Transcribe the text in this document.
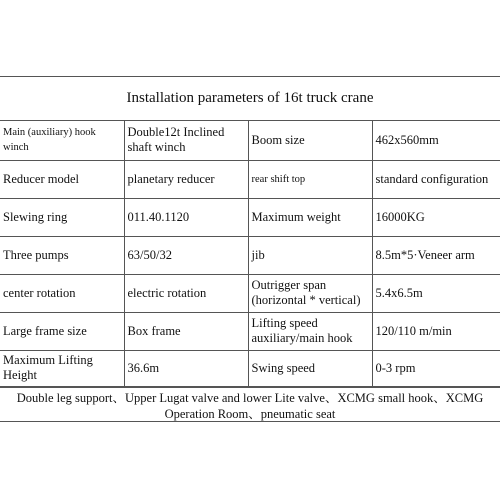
Installation parameters of 16t truck crane
Main (auxiliary) hook winch	Double12t Inclined shaft winch	Boom size	462x560mm
Reducer model	planetary reducer	rear shift top	standard configuration
Slewing ring	011.40.1120	Maximum weight	16000KG
Three pumps	63/50/32	jib	8.5m*5·Veneer arm
center rotation	electric rotation	Outrigger span (horizontal * vertical)	5.4x6.5m
Large frame size	Box frame	Lifting speed auxiliary/main hook	120/110 m/min
Maximum Lifting Height	36.6m	Swing speed	0-3 rpm
Double leg support、Upper Lugat valve and lower Lite valve、XCMG small hook、XCMG Operation Room、pneumatic seat
